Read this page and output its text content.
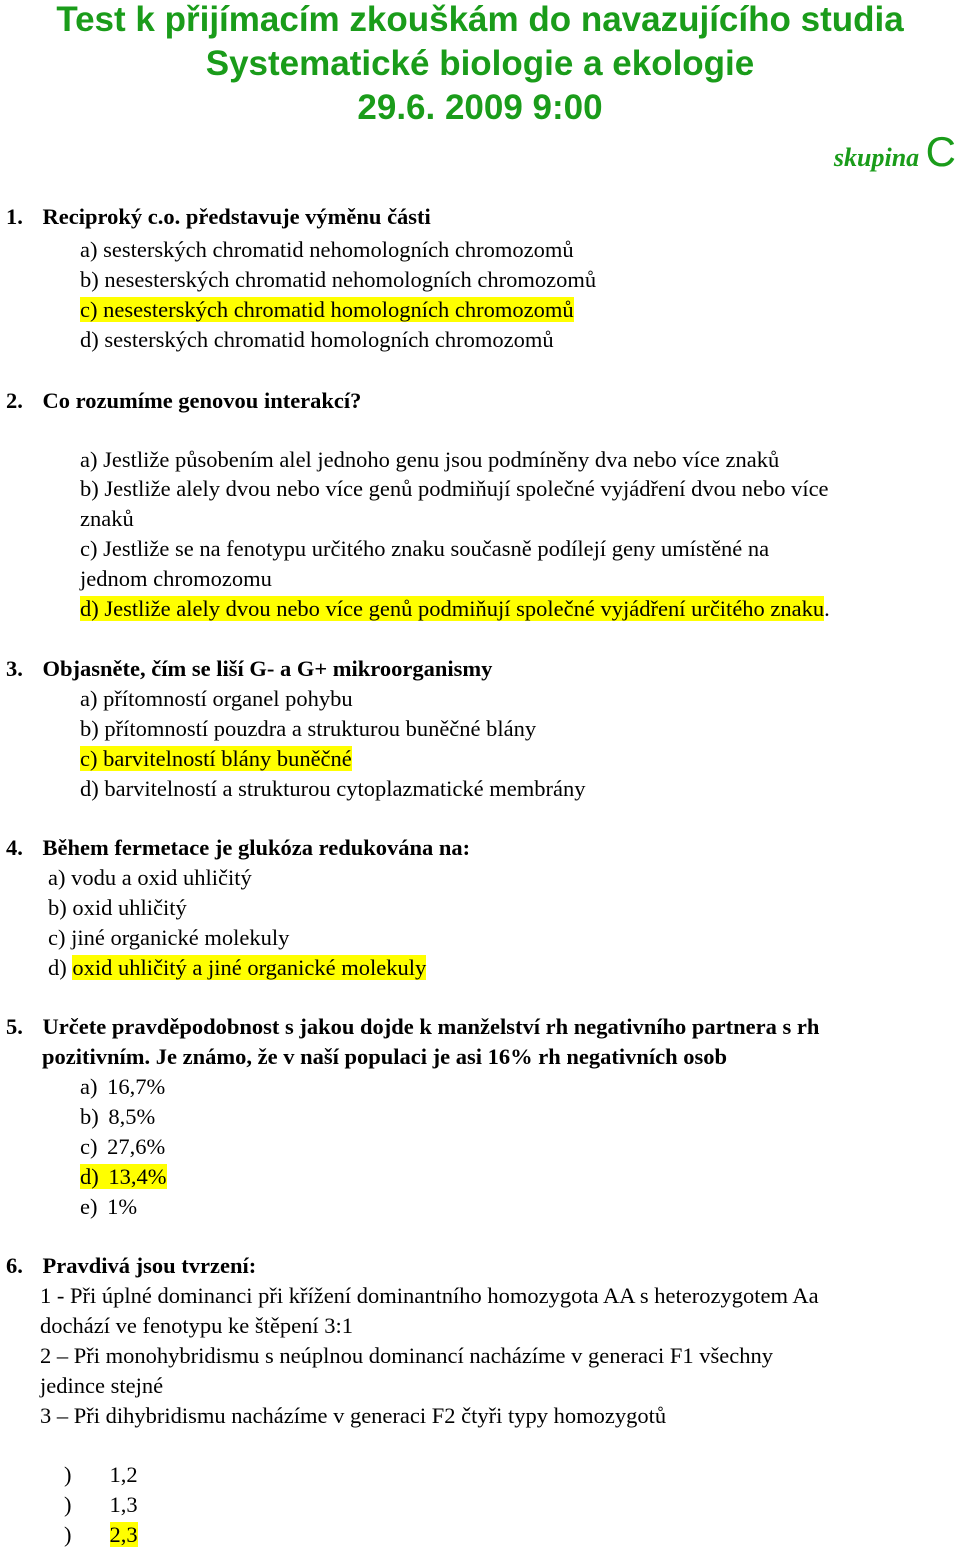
Test k přijímacím zkouškám do navazujícího studia
Systematické biologie a ekologie
29.6. 2009 9:00
skupina C
1. Reciproký c.o. představuje výměnu části
a) sesterských chromatid nehomologních chromozomů
b) nesesterských chromatid nehomologních chromozomů
c) nesesterských chromatid homologních chromozomů
d) sesterských chromatid homologních chromozomů
2. Co rozumíme genovou interakcí?
a) Jestliže působením alel jednoho genu jsou podmíněny dva nebo více znaků
b) Jestliže alely dvou nebo více genů podmiňují společné vyjádření dvou nebo více
znaků
c) Jestliže se na fenotypu určitého znaku současně podílejí geny umístěné na
jednom chromozomu
d) Jestliže alely dvou nebo více genů podmiňují společné vyjádření určitého znaku.
3. Objasněte, čím se liší G- a G+ mikroorganismy
a) přítomností organel pohybu
b) přítomností pouzdra a strukturou buněčné blány
c) barvitelností blány buněčné
d) barvitelností a strukturou cytoplazmatické membrány
4. Během fermetace je glukóza redukována na:
a) vodu a oxid uhličitý
b) oxid uhličitý
c) jiné organické molekuly
d) oxid uhličitý a jiné organické molekuly
5. Určete pravděpodobnost s jakou dojde k manželství rh negativního partnera s rh
pozitivním. Je známo, že v naší populaci je asi 16% rh negativních osob
a) 16,7%
b) 8,5%
c) 27,6%
d) 13,4%
e) 1%
6. Pravdivá jsou tvrzení:
1 - Při úplné dominanci při křížení dominantního homozygota AA s heterozygotem Aa
dochází ve fenotypu ke štěpení 3:1
2 – Při monohybridismu s neúplnou dominancí nacházíme v generaci F1 všechny
jedince stejné
3 – Při dihybridismu nacházíme v generaci F2 čtyři typy homozygotů
) 1,2
) 1,3
) 2,3
